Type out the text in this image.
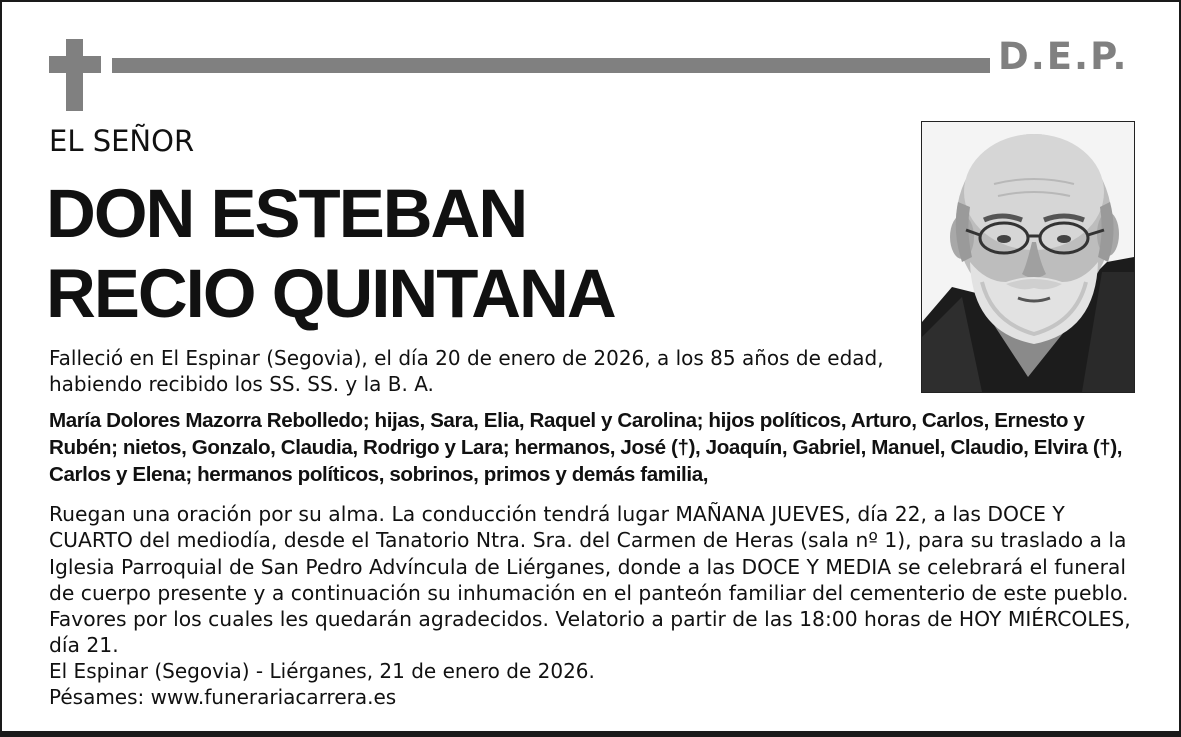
D.E.P.
EL SEÑOR
DON ESTEBAN
RECIO QUINTANA
Falleció en El Espinar (Segovia), el día 20 de enero de 2026, a los 85 años de edad, habiendo recibido los SS. SS. y la B. A.
María Dolores Mazorra Rebolledo; hijas, Sara, Elia, Raquel y Carolina; hijos políticos, Arturo, Carlos, Ernesto y Rubén; nietos, Gonzalo, Claudia, Rodrigo y Lara; hermanos, José (†), Joaquín, Gabriel, Manuel, Claudio, Elvira (†), Carlos y Elena; hermanos políticos, sobrinos, primos y demás familia,
Ruegan una oración por su alma. La conducción tendrá lugar MAÑANA JUEVES, día 22, a las DOCE Y CUARTO del mediodía, desde el Tanatorio Ntra. Sra. del Carmen de Heras (sala nº 1), para su traslado a la Iglesia Parroquial de San Pedro Advíncula de Liérganes, donde a las DOCE Y MEDIA se celebrará el funeral de cuerpo presente y a continuación su inhumación en el panteón familiar del cementerio de este pueblo. Favores por los cuales les quedarán agradecidos. Velatorio a partir de las 18:00 horas de HOY MIÉRCOLES, día 21.
El Espinar (Segovia) - Liérganes, 21 de enero de 2026.
Pésames: www.funerariacarrera.es
